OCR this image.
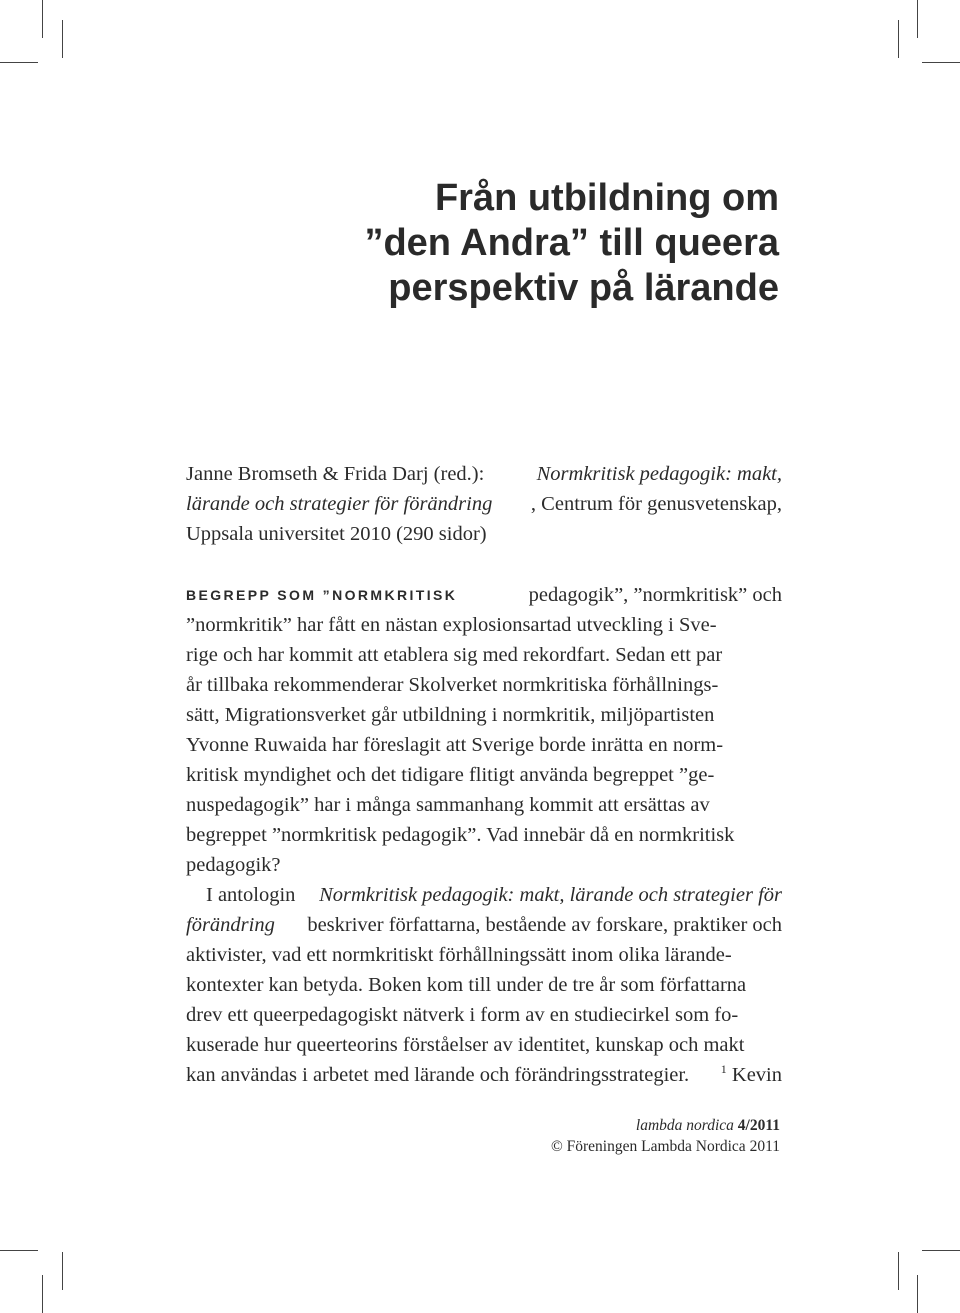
Från utbildning om
”den Andra” till queera
perspektiv på lärande
Janne Bromseth & Frida Darj (red.):	Normkritisk pedagogik: makt,
lärande och strategier för förändring , Centrum för genusvetenskap,
Uppsala universitet 2010 (290 sidor)
BEGREPP SOM ”NORMKRITISK	pedagogik”, ”normkritisk” och
”normkritik” har fått en nästan explosionsartad utveckling i Sve-
rige och har kommit att etablera sig med rekordfart. Sedan ett par
år tillbaka rekommenderar Skolverket normkritiska förhållnings-
sätt, Migrationsverket går utbildning i normkritik, miljöpartisten
Yvonne Ruwaida har föreslagit att Sverige borde inrätta en norm-
kritisk myndighet och det tidigare flitigt använda begreppet ”ge-
nuspedagogik” har i många sammanhang kommit att ersättas av
begreppet ”normkritisk pedagogik”. Vad innebär då en normkritisk
pedagogik?
I antologin Normkritisk pedagogik: makt, lärande och strategier för
förändring beskriver författarna, bestående av forskare, praktiker och
aktivister, vad ett normkritiskt förhållningssätt inom olika lärande-
kontexter kan betyda. Boken kom till under de tre år som författarna
drev ett queerpedagogiskt nätverk i form av en studiecirkel som fo-
kuserade hur queerteorins förståelser av identitet, kunskap och makt
kan användas i arbetet med lärande och förändringsstrategier.	$^1$ Kevin
lambda nordica 4/2011
© Föreningen Lambda Nordica 2011
